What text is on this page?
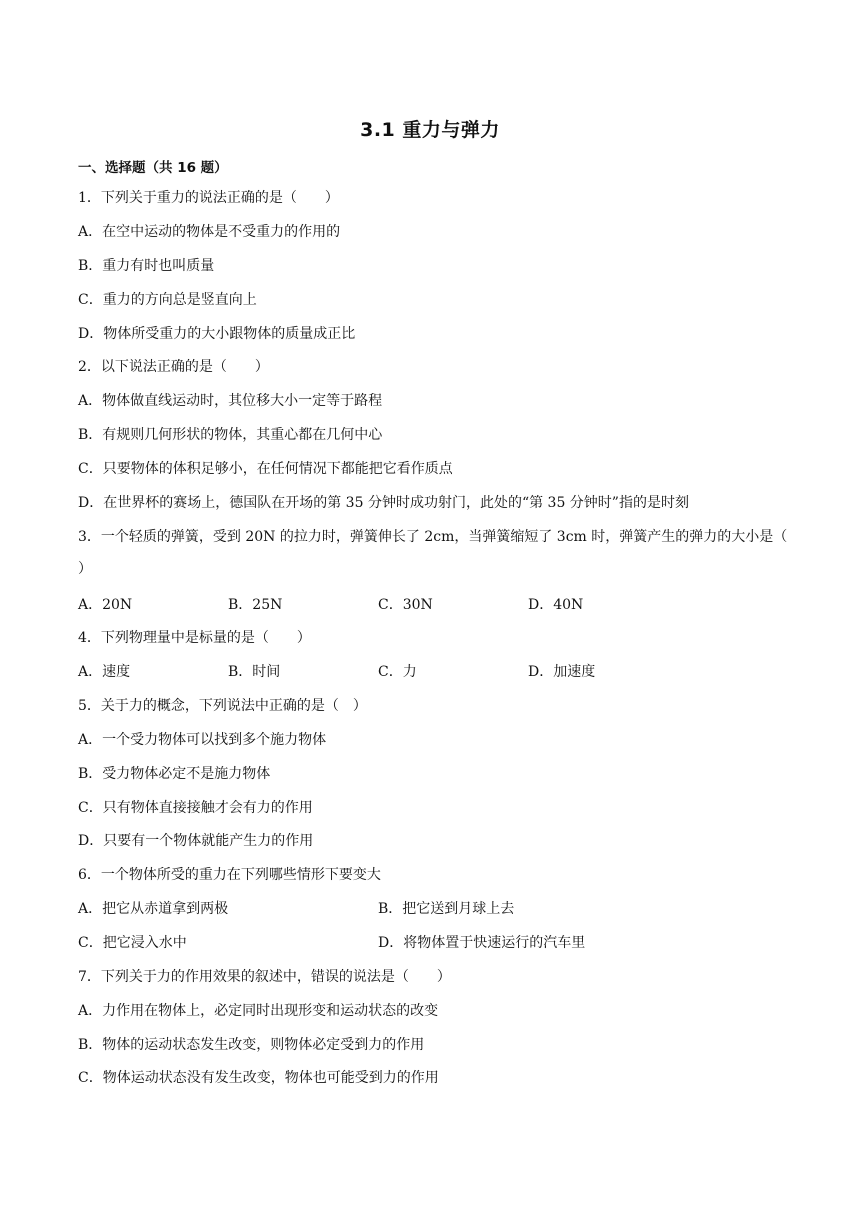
3.1 重力与弹力
一、选择题（共 16 题）
1．下列关于重力的说法正确的是（　　）
A．在空中运动的物体是不受重力的作用的
B．重力有时也叫质量
C．重力的方向总是竖直向上
D．物体所受重力的大小跟物体的质量成正比
2．以下说法正确的是（　　）
A．物体做直线运动时，其位移大小一定等于路程
B．有规则几何形状的物体，其重心都在几何中心
C．只要物体的体积足够小，在任何情况下都能把它看作质点
D．在世界杯的赛场上，德国队在开场的第 35 分钟时成功射门，此处的“第 35 分钟时”指的是时刻
3．一个轻质的弹簧，受到 20N 的拉力时，弹簧伸长了 2cm，当弹簧缩短了 3cm 时，弹簧产生的弹力的大小是（ ）
A．20N	B．25N	C．30N	D．40N
4．下列物理量中是标量的是（　　）
A．速度	B．时间	C．力	D．加速度
5．关于力的概念，下列说法中正确的是（　）
A．一个受力物体可以找到多个施力物体
B．受力物体必定不是施力物体
C．只有物体直接接触才会有力的作用
D．只要有一个物体就能产生力的作用
6．一个物体所受的重力在下列哪些情形下要变大
A．把它从赤道拿到两极	B．把它送到月球上去
C．把它浸入水中	D．将物体置于快速运行的汽车里
7．下列关于力的作用效果的叙述中，错误的说法是（　　）
A．力作用在物体上，必定同时出现形变和运动状态的改变
B．物体的运动状态发生改变，则物体必定受到力的作用
C．物体运动状态没有发生改变，物体也可能受到力的作用
